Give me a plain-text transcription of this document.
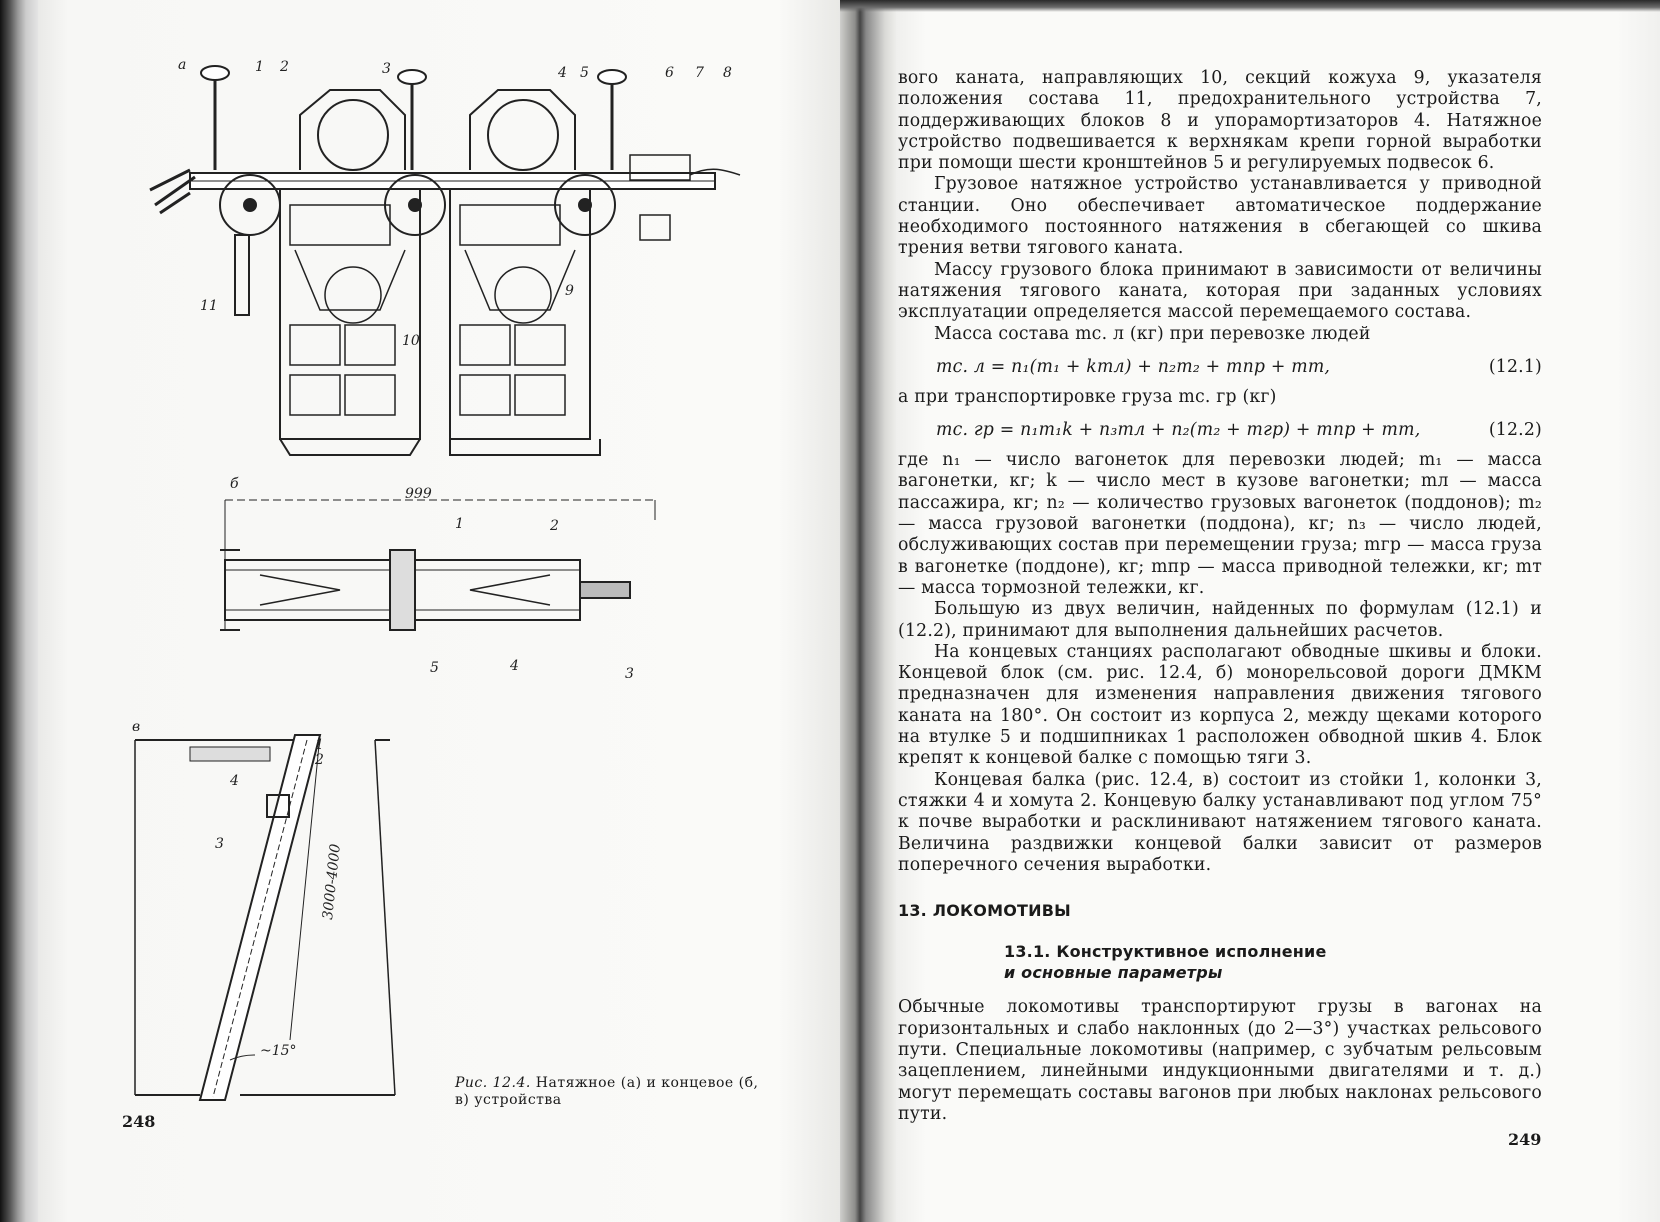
а	1 2	3	4 5	6 7 8
9
10
11
б
999
1	2
3
4
5
в
1
2
3
4
3000-4000
~15°
Рис. 12.4. Натяжное (а) и концевое (б, в) устройства
248

вого каната, направляющих 10, секций кожуха 9, указателя положения состава 11, предохранительного устройства 7, поддерживающих блоков 8 и упорамортизаторов 4. Натяжное устройство подвешивается к верхнякам крепи горной выработки при помощи шести кронштейнов 5 и регулируемых подвесок 6.

Грузовое натяжное устройство устанавливается у приводной станции. Оно обеспечивает автоматическое поддержание необходимого постоянного натяжения в сбегающей со шкива трения ветви тягового каната.

Массу грузового блока принимают в зависимости от величины натяжения тягового каната, которая при заданных условиях эксплуатации определяется массой перемещаемого состава.

Масса состава mс. л (кг) при перевозке людей

mс. л = n₁(m₁ + kmл) + n₂m₂ + mпр + mт,	(12.1)

а при транспортировке груза mс. гр (кг)

mс. гр = n₁m₁k + n₃mл + n₂(m₂ + mгр) + mпр + mт,	(12.2)

где n₁ — число вагонеток для перевозки людей; m₁ — масса вагонетки, кг; k — число мест в кузове вагонетки; mл — масса пассажира, кг; n₂ — количество грузовых вагонеток (поддонов); m₂ — масса грузовой вагонетки (поддона), кг; n₃ — число людей, обслуживающих состав при перемещении груза; mгр — масса груза в вагонетке (поддоне), кг; mпр — масса приводной тележки, кг; mт — масса тормозной тележки, кг.

Большую из двух величин, найденных по формулам (12.1) и (12.2), принимают для выполнения дальнейших расчетов.

На концевых станциях располагают обводные шкивы и блоки. Концевой блок (см. рис. 12.4, б) монорельсовой дороги ДМКМ предназначен для изменения направления движения тягового каната на 180°. Он состоит из корпуса 2, между щеками которого на втулке 5 и подшипниках 1 расположен обводной шкив 4. Блок крепят к концевой балке с помощью тяги 3.

Концевая балка (рис. 12.4, в) состоит из стойки 1, колонки 3, стяжки 4 и хомута 2. Концевую балку устанавливают под углом 75° к почве выработки и расклинивают натяжением тягового каната. Величина раздвижки концевой балки зависит от размеров поперечного сечения выработки.

13. ЛОКОМОТИВЫ

13.1. Конструктивное исполнение
и основные параметры

Обычные локомотивы транспортируют грузы в вагонах на горизонтальных и слабо наклонных (до 2—3°) участках рельсового пути. Специальные локомотивы (например, с зубчатым рельсовым зацеплением, линейными индукционными двигателями и т. д.) могут перемещать составы вагонов при любых наклонах рельсового пути.

249
